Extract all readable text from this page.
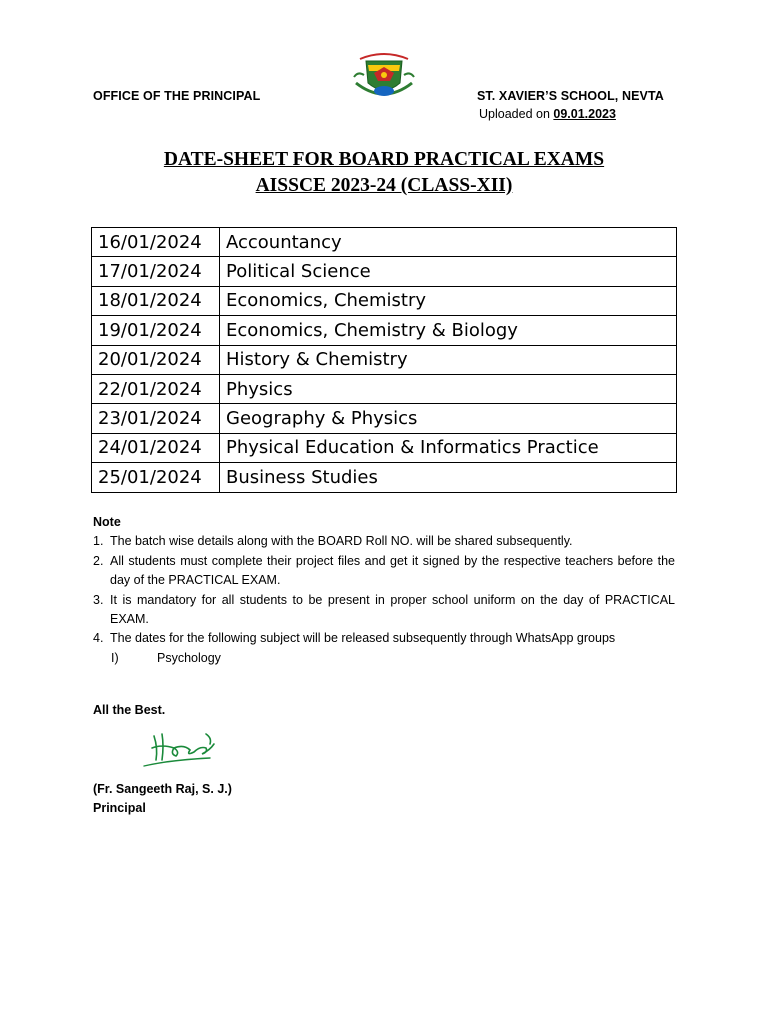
OFFICE OF THE PRINCIPAL	ST. XAVIER’S SCHOOL, NEVTA
Uploaded on 09.01.2023
DATE-SHEET FOR BOARD PRACTICAL EXAMS
AISSCE 2023-24 (CLASS-XII)
16/01/2024	Accountancy
17/01/2024	Political Science
18/01/2024	Economics, Chemistry
19/01/2024	Economics, Chemistry & Biology
20/01/2024	History & Chemistry
22/01/2024	Physics
23/01/2024	Geography & Physics
24/01/2024	Physical Education & Informatics Practice
25/01/2024	Business Studies
Note
1. The batch wise details along with the BOARD Roll NO. will be shared subsequently.
2. All students must complete their project files and get it signed by the respective teachers before the day of the PRACTICAL EXAM.
3. It is mandatory for all students to be present in proper school uniform on the day of PRACTICAL EXAM.
4. The dates for the following subject will be released subsequently through WhatsApp groups
I)	Psychology
All the Best.
(Fr. Sangeeth Raj, S. J.)
Principal
